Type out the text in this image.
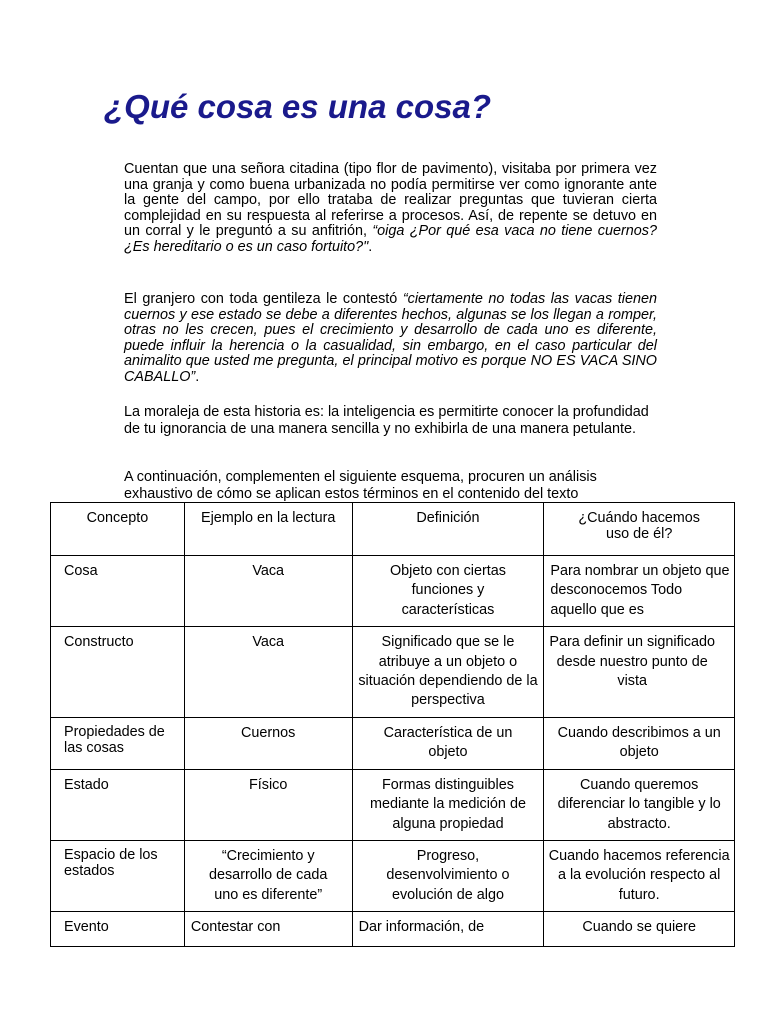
¿Qué cosa es una cosa?

Cuentan que una señora citadina (tipo flor de pavimento), visitaba por primera vez una granja y como buena urbanizada no podía permitirse ver como ignorante ante la gente del campo, por ello trataba de realizar preguntas que tuvieran cierta complejidad en su respuesta al referirse a procesos. Así, de repente se detuvo en un corral y le preguntó a su anfitrión, “oiga ¿Por qué esa vaca no tiene cuernos? ¿Es hereditario o es un caso fortuito?".

El granjero con toda gentileza le contestó “ciertamente no todas las vacas tienen cuernos y ese estado se debe a diferentes hechos, algunas se los llegan a romper, otras no les crecen, pues el crecimiento y desarrollo de cada uno es diferente, puede influir la herencia o la casualidad, sin embargo, en el caso particular del animalito que usted me pregunta, el principal motivo es porque NO ES VACA SINO CABALLO”.

La moraleja de esta historia es: la inteligencia es permitirte conocer la profundidad de tu ignorancia de una manera sencilla y no exhibirla de una manera petulante.

A continuación, complementen el siguiente esquema, procuren un análisis exhaustivo de cómo se aplican estos términos en el contenido del texto

Concepto	Ejemplo en la lectura	Definición	¿Cuándo hacemos uso de él?
Cosa	Vaca	Objeto con ciertas funciones y características	Para nombrar un objeto que desconocemos Todo aquello que es
Constructo	Vaca	Significado que se le atribuye a un objeto o situación dependiendo de la perspectiva	Para definir un significado desde nuestro punto de vista
Propiedades de las cosas	Cuernos	Característica de un objeto	Cuando describimos a un objeto
Estado	Físico	Formas distinguibles mediante la medición de alguna propiedad	Cuando queremos diferenciar lo tangible y lo abstracto.
Espacio de los estados	“Crecimiento y desarrollo de cada uno es diferente”	Progreso, desenvolvimiento o evolución de algo	Cuando hacemos referencia a la evolución respecto al futuro.
Evento	Contestar con	Dar información, de	Cuando se quiere
